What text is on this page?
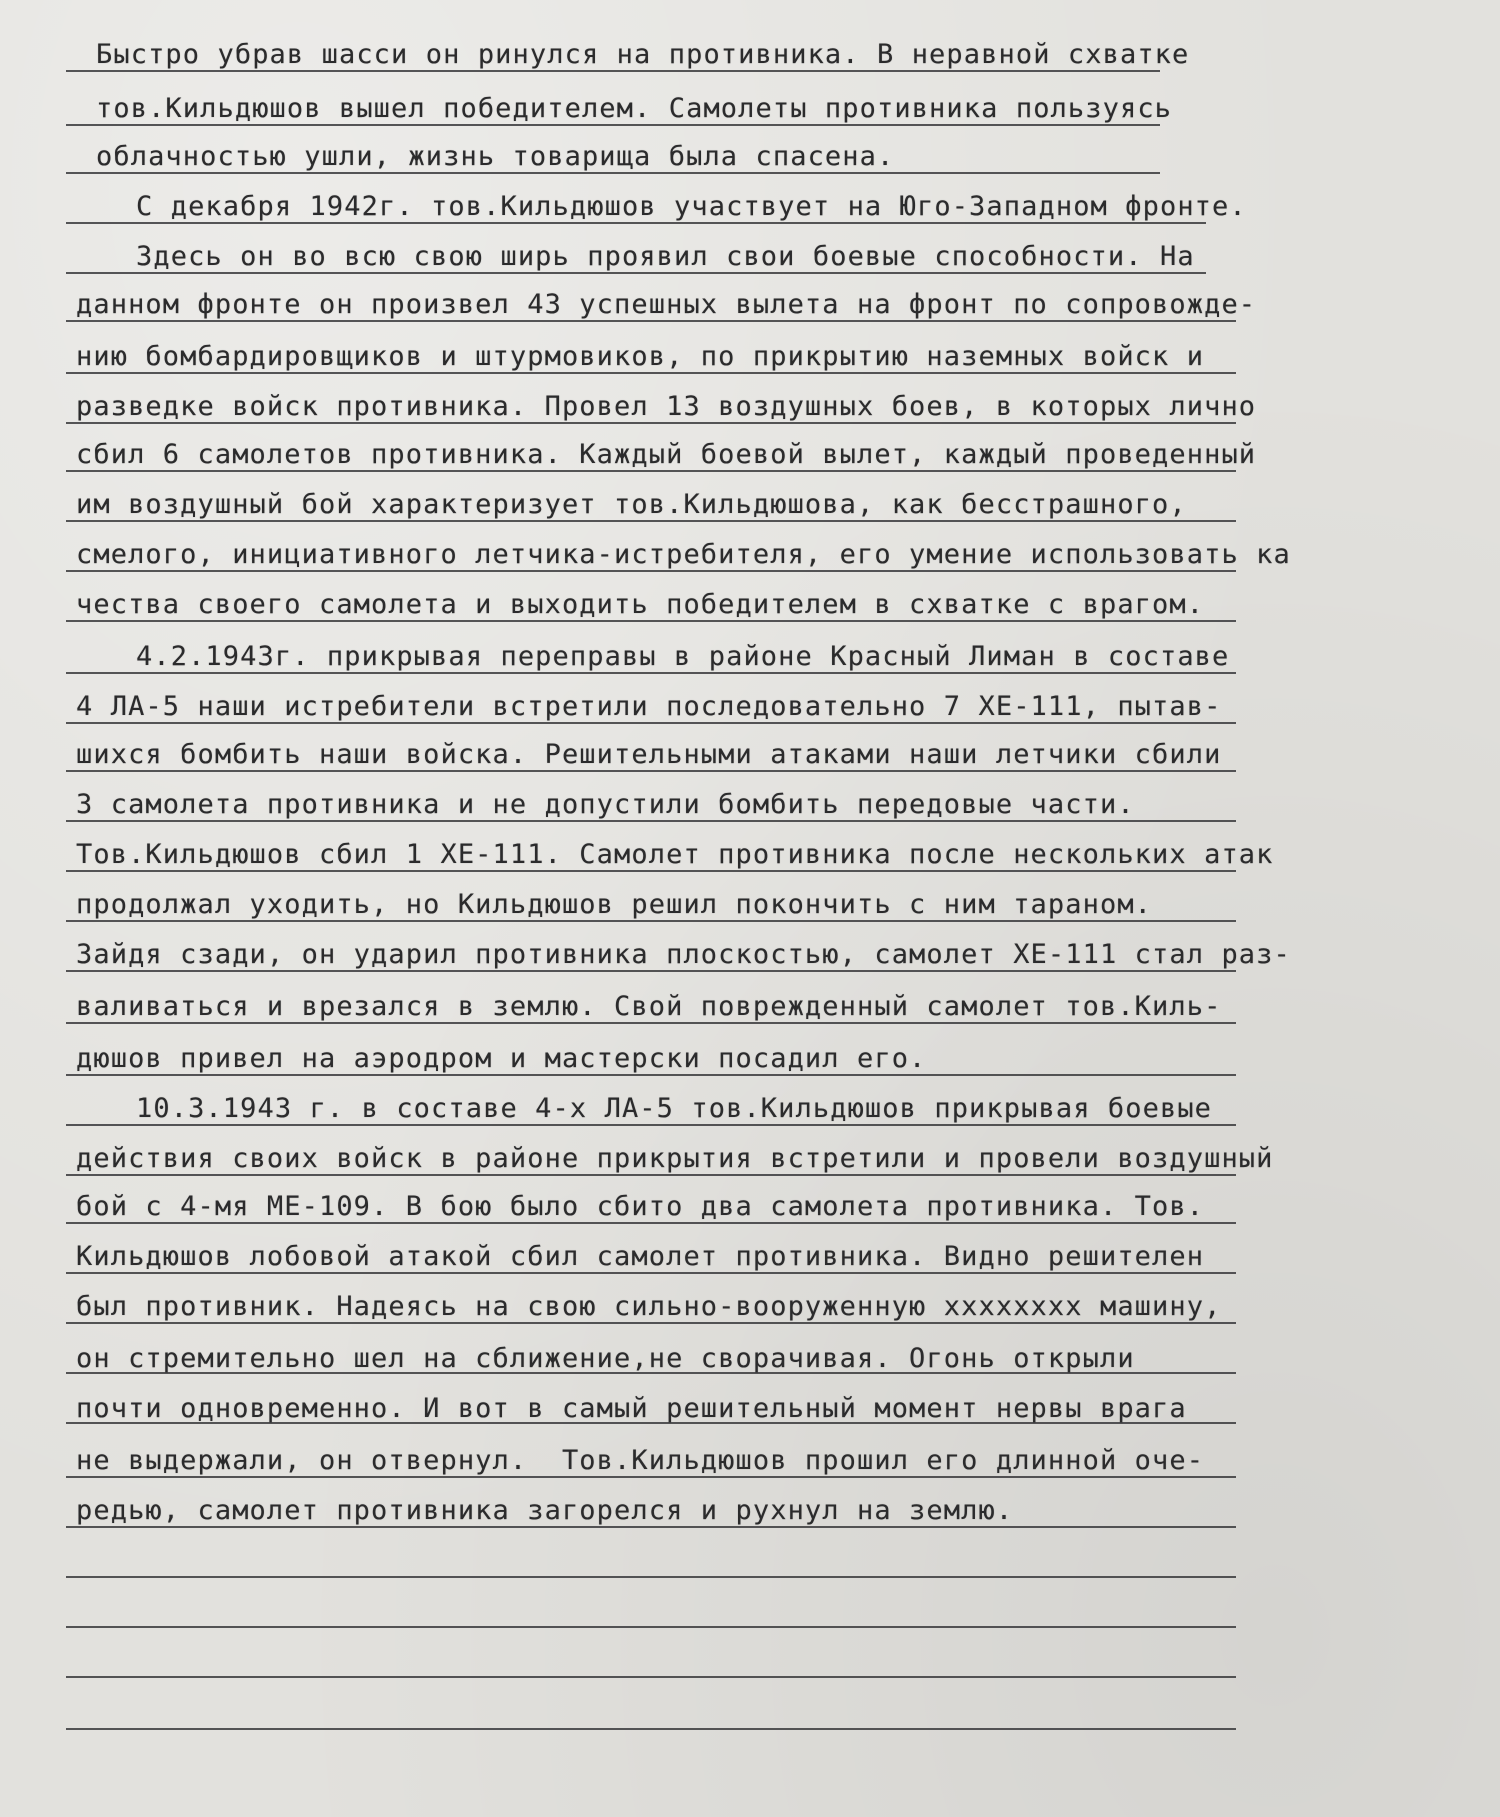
Быстро убрав шасси он ринулся на противника. В неравной схватке
тов.Кильдюшов вышел победителем. Самолеты противника пользуясь
облачностью ушли, жизнь товарища была спасена.
С декабря 1942г. тов.Кильдюшов участвует на Юго-Западном фронте.
Здесь он во всю свою ширь проявил свои боевые способности. На
данном фронте он произвел 43 успешных вылета на фронт по сопровожде-
нию бомбардировщиков и штурмовиков, по прикрытию наземных войск и
разведке войск противника. Провел 13 воздушных боев, в которых лично
сбил 6 самолетов противника. Каждый боевой вылет, каждый проведенный
им воздушный бой характеризует тов.Кильдюшова, как бесстрашного,
смелого, инициативного летчика-истребителя, его умение использовать ка
чества своего самолета и выходить победителем в схватке с врагом.
4.2.1943г. прикрывая переправы в районе Красный Лиман в составе
4 ЛА-5 наши истребители встретили последовательно 7 ХЕ-111, пытав-
шихся бомбить наши войска. Решительными атаками наши летчики сбили
3 самолета противника и не допустили бомбить передовые части.
Тов.Кильдюшов сбил 1 ХЕ-111. Самолет противника после нескольких атак
продолжал уходить, но Кильдюшов решил покончить с ним тараном.
Зайдя сзади, он ударил противника плоскостью, самолет ХЕ-111 стал раз-
валиваться и врезался в землю. Свой поврежденный самолет тов.Киль-
дюшов привел на аэродром и мастерски посадил его.
10.3.1943 г. в составе 4-х ЛА-5 тов.Кильдюшов прикрывая боевые
действия своих войск в районе прикрытия встретили и провели воздушный
бой с 4-мя МЕ-109. В бою было сбито два самолета противника. Тов.
Кильдюшов лобовой атакой сбил самолет противника. Видно решителен
был противник. Надеясь на свою сильно-вооруженную хххххххх машину,
он стремительно шел на сближение,не сворачивая. Огонь открыли
почти одновременно. И вот в самый решительный момент нервы врага
не выдержали, он отвернул.  Тов.Кильдюшов прошил его длинной оче-
редью, самолет противника загорелся и рухнул на землю.
